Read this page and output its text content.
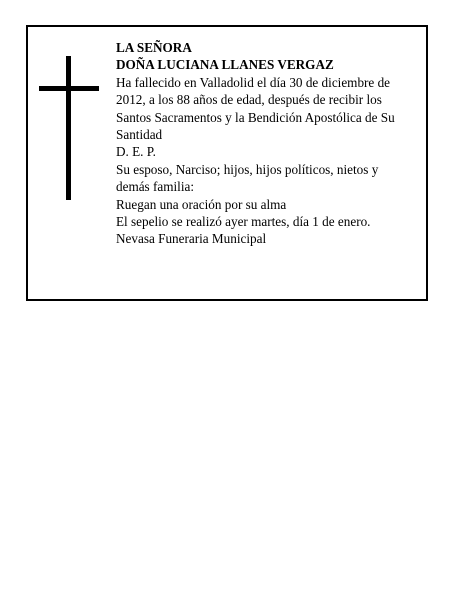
LA SEÑORA
DOÑA LUCIANA LLANES VERGAZ
Ha fallecido en Valladolid el día 30 de diciembre de
2012, a los 88 años de edad, después de recibir los
Santos Sacramentos y la Bendición Apostólica de Su
Santidad
D. E. P.
Su esposo, Narciso; hijos, hijos políticos, nietos y
demás familia:
Ruegan una oración por su alma
El sepelio se realizó ayer martes, día 1 de enero.
Nevasa Funeraria Municipal
